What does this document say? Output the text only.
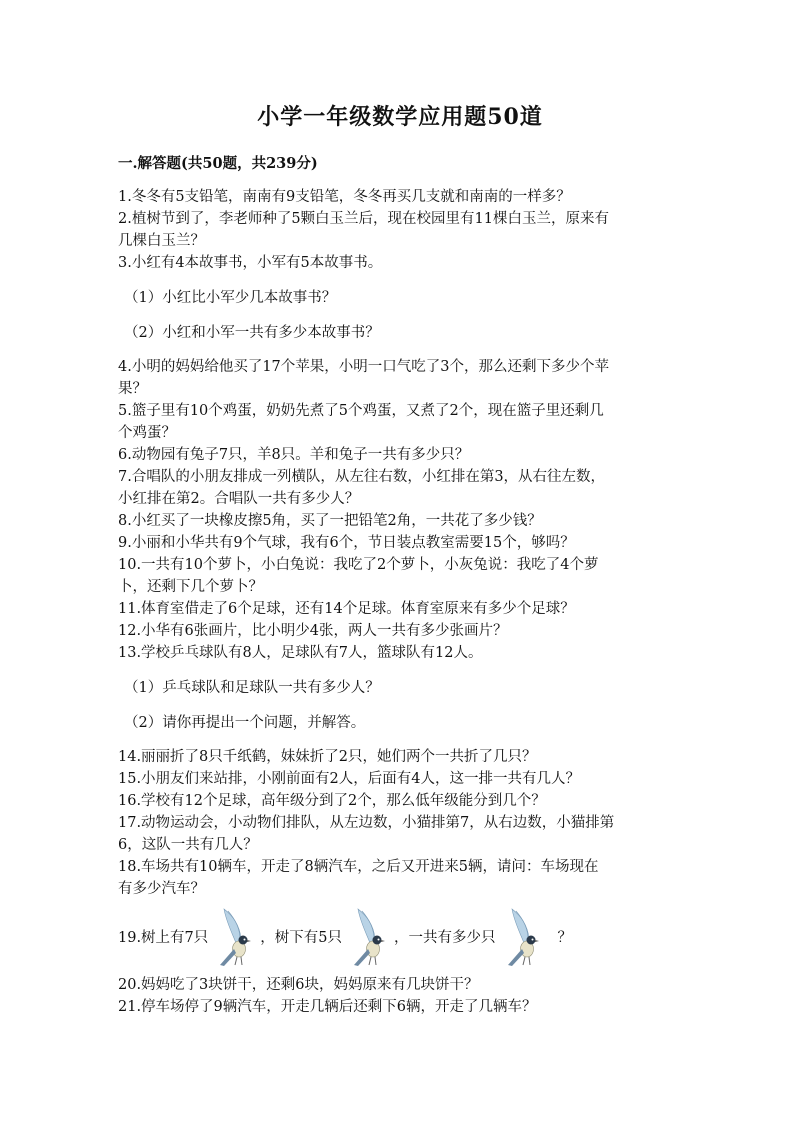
小学一年级数学应用题50道
一.解答题(共50题，共239分)

1.冬冬有5支铅笔，南南有9支铅笔，冬冬再买几支就和南南的一样多？

2.植树节到了，李老师种了5颗白玉兰后，现在校园里有11棵白玉兰，原来有

几棵白玉兰？

3.小红有4本故事书，小军有5本故事书。

（1）小红比小军少几本故事书？

（2）小红和小军一共有多少本故事书？

4.小明的妈妈给他买了17个苹果，小明一口气吃了3个，那么还剩下多少个苹

果？

5.篮子里有10个鸡蛋，奶奶先煮了5个鸡蛋，又煮了2个，现在篮子里还剩几

个鸡蛋？

6.动物园有兔子7只，羊8只。羊和兔子一共有多少只？

7.合唱队的小朋友排成一列横队，从左往右数，小红排在第3，从右往左数，

小红排在第2。合唱队一共有多少人？

8.小红买了一块橡皮擦5角，买了一把铅笔2角，一共花了多少钱？

9.小丽和小华共有9个气球，我有6个，节日装点教室需要15个，够吗？

10.一共有10个萝卜，小白兔说：我吃了2个萝卜，小灰兔说：我吃了4个萝

卜，还剩下几个萝卜？

11.体育室借走了6个足球，还有14个足球。体育室原来有多少个足球？

12.小华有6张画片，比小明少4张，两人一共有多少张画片？

13.学校乒乓球队有8人，足球队有7人，篮球队有12人。

（1）乒乓球队和足球队一共有多少人？

（2）请你再提出一个问题，并解答。

14.丽丽折了8只千纸鹤，妹妹折了2只，她们两个一共折了几只？

15.小朋友们来站排，小刚前面有2人，后面有4人，这一排一共有几人？

16.学校有12个足球，高年级分到了2个，那么低年级能分到几个？

17.动物运动会，小动物们排队，从左边数，小猫排第7，从右边数，小猫排第

6，这队一共有几人？

18.车场共有10辆车，开走了8辆汽车，之后又开进来5辆，请问：车场现在

有多少汽车？

19.树上有7只	，树下有5只	，一共有多少只	？

20.妈妈吃了3块饼干，还剩6块，妈妈原来有几块饼干？

21.停车场停了9辆汽车，开走几辆后还剩下6辆，开走了几辆车？
